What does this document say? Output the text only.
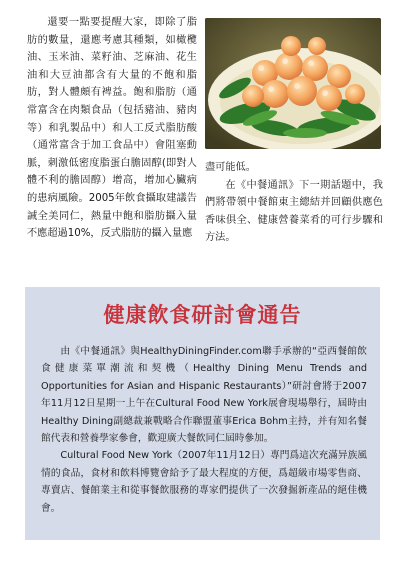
還要一點要提醒大家，即除了脂肪的數量，還應考慮其種類，如橄欖油、玉米油、菜籽油、芝麻油、花生油和大豆油都含有大量的不飽和脂肪，對人體頗有裨益。飽和脂肪（通常富含在肉類食品（包括豬油、豬肉等）和乳製品中）和人工反式脂肪酸（通常富含于加工食品中）會阻塞動脈，刺激低密度脂蛋白膽固醇(即對人體不利的膽固醇）增高，增加心臟病的患病風險。2005年飲食攝取建議告誡全美同仁，熱量中飽和脂肪攝入量不應超過10%，反式脂肪的攝入量應

盡可能低。

在《中餐通訊》下一期話題中，我們將帶領中餐館東主總結并回顧供應色香味俱全、健康營養菜肴的可行步驟和方法。

健康飲食研討會通告

由《中餐通訊》與HealthyDiningFinder.com聯手承辦的“亞西餐館飲食健康菜單潮流和契機（Healthy Dining Menu Trends and Opportunities for Asian and Hispanic Restaurants）”研討會將于2007年11月12日星期一上午在Cultural Food New York展會現場舉行，屆時由Healthy Dining副總裁兼戰略合作聯盟董事Erica Bohm主持，并有知名餐館代表和營養學家參會，歡迎廣大餐飲同仁屆時參加。

Cultural Food New York（2007年11月12日）專門爲這次充滿异族風情的食品，食材和飲料博覽會給予了最大程度的方便，爲超級市場零售商、專賣店、餐館業主和從事餐飲服務的專家們提供了一次發掘新產品的絕佳機會。
